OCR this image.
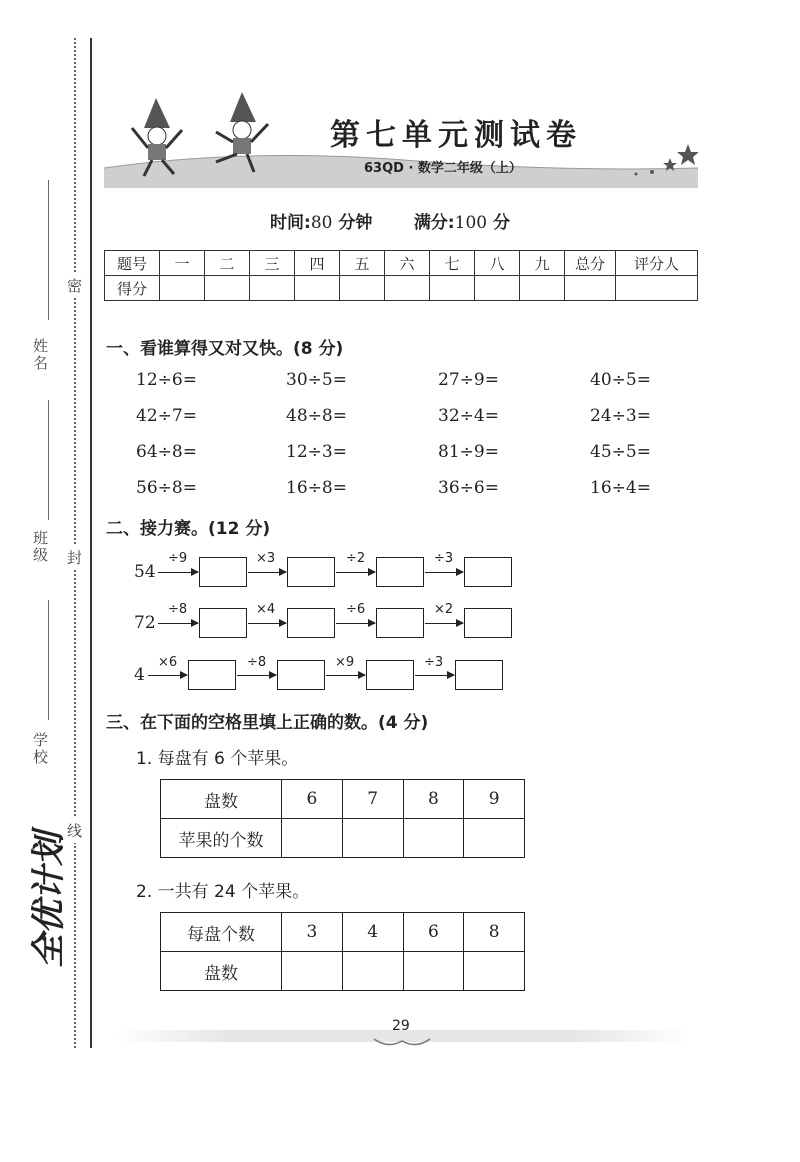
姓名
班级
学校
密
封
线
全优计划
第七单元测试卷
63QD · 数学二年级（上）
时间:80 分钟 满分:100 分
题号	一	二	三	四	五	六	七	八	九	总分	评分人
得分											
一、看谁算得又对又快。(8 分)
12÷6=	30÷5=	27÷9=	40÷5=
42÷7=	48÷8=	32÷4=	24÷3=
64÷8=	12÷3=	81÷9=	45÷5=
56÷8=	16÷8=	36÷6=	16÷4=
二、接力赛。(12 分)
54
÷9	×3	÷2	÷3
72
÷8	×4	÷6	×2
4
×6	÷8	×9	÷3
三、在下面的空格里填上正确的数。(4 分)
1. 每盘有 6 个苹果。
盘数	6	7	8	9
苹果的个数				
2. 一共有 24 个苹果。
每盘个数	3	4	6	8
盘数				
29
